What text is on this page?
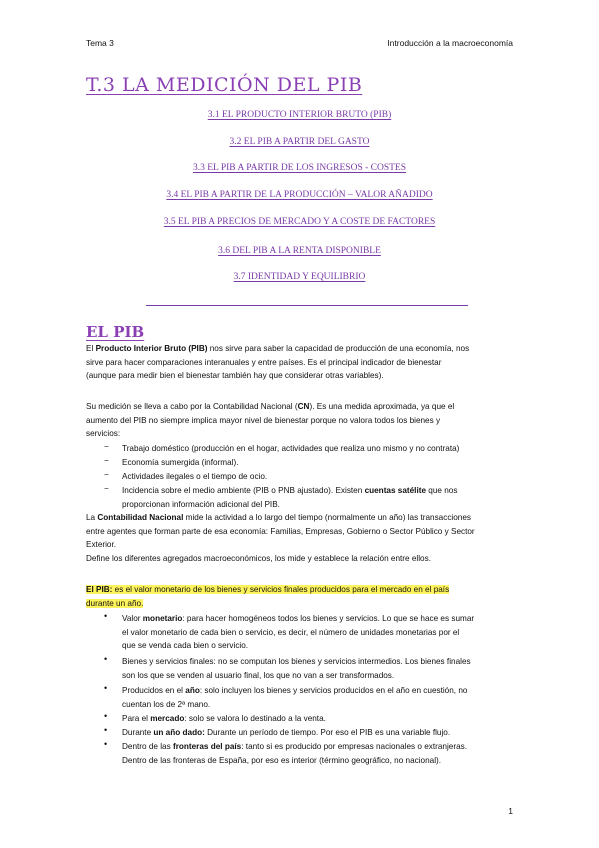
Tema 3	Introducción a la macroeconomía
T.3 LA MEDICIÓN DEL PIB
3.1 EL PRODUCTO INTERIOR BRUTO (PIB)
3.2 EL PIB A PARTIR DEL GASTO
3.3 EL PIB A PARTIR DE LOS INGRESOS - COSTES
3.4 EL PIB A PARTIR DE LA PRODUCCIÓN – VALOR AÑADIDO
3.5 EL PIB A PRECIOS DE MERCADO Y A COSTE DE FACTORES
3.6 DEL PIB A LA RENTA DISPONIBLE
3.7 IDENTIDAD Y EQUILIBRIO
EL PIB
El Producto Interior Bruto (PIB) nos sirve para saber la capacidad de producción de una economía, nos
sirve para hacer comparaciones interanuales y entre países. Es el principal indicador de bienestar
(aunque para medir bien el bienestar también hay que considerar otras variables).
Su medición se lleva a cabo por la Contabilidad Nacional (CN). Es una medida aproximada, ya que el
aumento del PIB no siempre implica mayor nivel de bienestar porque no valora todos los bienes y
servicios:
− Trabajo doméstico (producción en el hogar, actividades que realiza uno mismo y no contrata)
− Economía sumergida (informal).
− Actividades ilegales o el tiempo de ocio.
− Incidencia sobre el medio ambiente (PIB o PNB ajustado). Existen cuentas satélite que nos
proporcionan información adicional del PIB.
La Contabilidad Nacional mide la actividad a lo largo del tiempo (normalmente un año) las transacciones
entre agentes que forman parte de esa economía: Familias, Empresas, Gobierno o Sector Público y Sector
Exterior.
Define los diferentes agregados macroeconómicos, los mide y establece la relación entre ellos.
El PIB: es el valor monetario de los bienes y servicios finales producidos para el mercado en el país
durante un año.
• Valor monetario: para hacer homogéneos todos los bienes y servicios. Lo que se hace es sumar
el valor monetario de cada bien o servicio, es decir, el número de unidades monetarias por el
que se venda cada bien o servicio.
• Bienes y servicios finales: no se computan los bienes y servicios intermedios. Los bienes finales
son los que se venden al usuario final, los que no van a ser transformados.
• Producidos en el año: solo incluyen los bienes y servicios producidos en el año en cuestión, no
cuentan los de 2ª mano.
• Para el mercado: solo se valora lo destinado a la venta.
• Durante un año dado: Durante un período de tiempo. Por eso el PIB es una variable flujo.
• Dentro de las fronteras del país: tanto si es producido por empresas nacionales o extranjeras.
Dentro de las fronteras de España, por eso es interior (término geográfico, no nacional).
1
